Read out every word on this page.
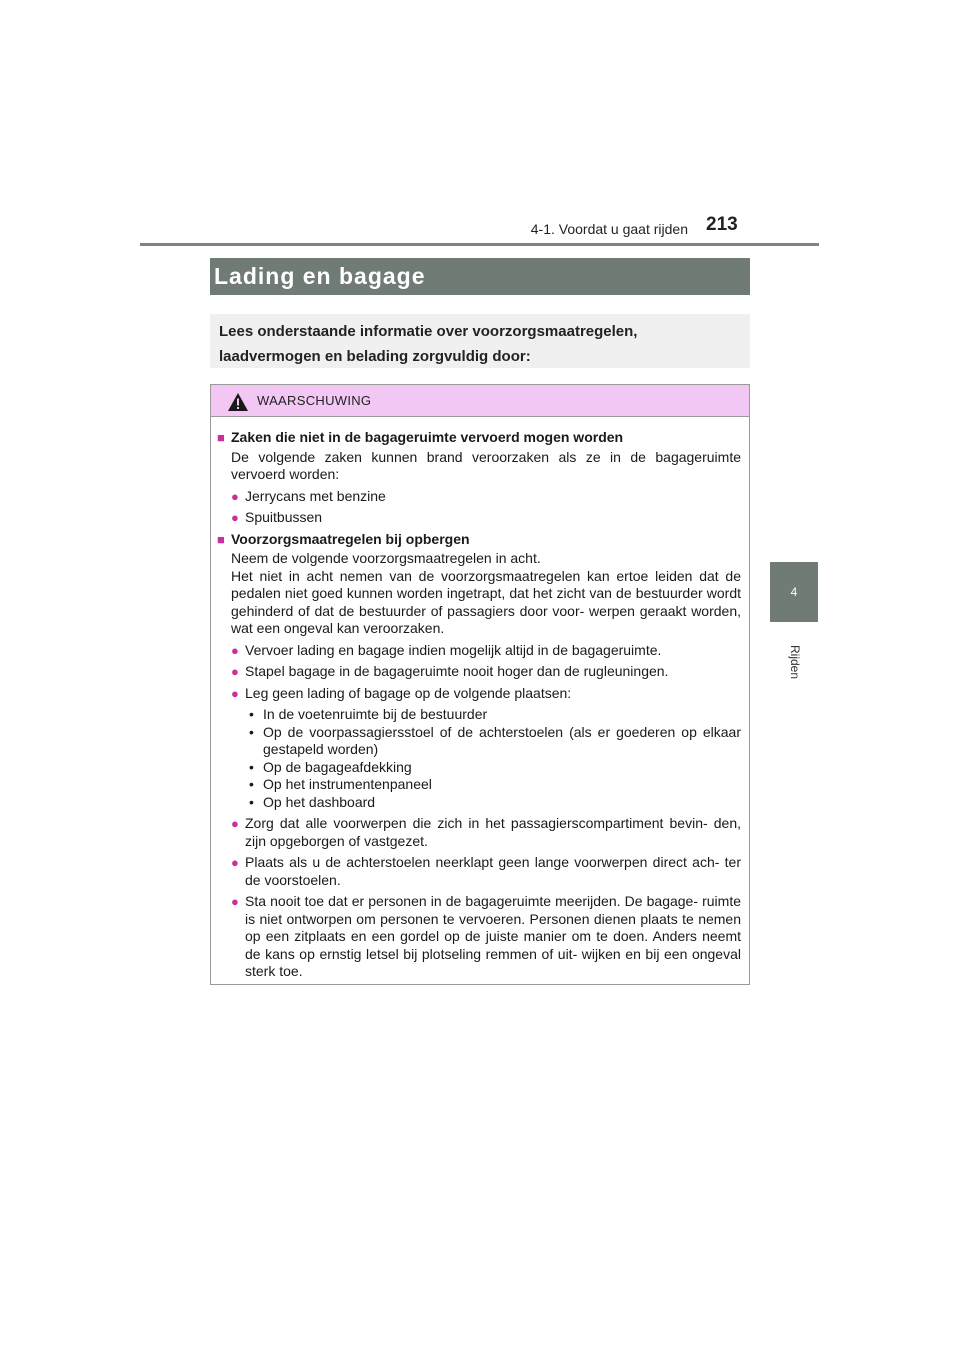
4-1. Voordat u gaat rijden 213
4
Rijden
Lading en bagage
Lees onderstaande informatie over voorzorgsmaatregelen,
laadvermogen en belading zorgvuldig door:
WAARSCHUWING
■ Zaken die niet in de bagageruimte vervoerd mogen worden
De volgende zaken kunnen brand veroorzaken als ze in de bagageruimte vervoerd worden:
● Jerrycans met benzine
● Spuitbussen
■ Voorzorgsmaatregelen bij opbergen
Neem de volgende voorzorgsmaatregelen in acht.
Het niet in acht nemen van de voorzorgsmaatregelen kan ertoe leiden dat de pedalen niet goed kunnen worden ingetrapt, dat het zicht van de bestuurder wordt gehinderd of dat de bestuurder of passagiers door voor- werpen geraakt worden, wat een ongeval kan veroorzaken.
● Vervoer lading en bagage indien mogelijk altijd in de bagageruimte.
● Stapel bagage in de bagageruimte nooit hoger dan de rugleuningen.
● Leg geen lading of bagage op de volgende plaatsen:
• In de voetenruimte bij de bestuurder
• Op de voorpassagiersstoel of de achterstoelen (als er goederen op elkaar gestapeld worden)
• Op de bagageafdekking
• Op het instrumentenpaneel
• Op het dashboard
● Zorg dat alle voorwerpen die zich in het passagierscompartiment bevin- den, zijn opgeborgen of vastgezet.
● Plaats als u de achterstoelen neerklapt geen lange voorwerpen direct ach- ter de voorstoelen.
● Sta nooit toe dat er personen in de bagageruimte meerijden. De bagage- ruimte is niet ontworpen om personen te vervoeren. Personen dienen plaats te nemen op een zitplaats en een gordel op de juiste manier om te doen. Anders neemt de kans op ernstig letsel bij plotseling remmen of uit- wijken en bij een ongeval sterk toe.
